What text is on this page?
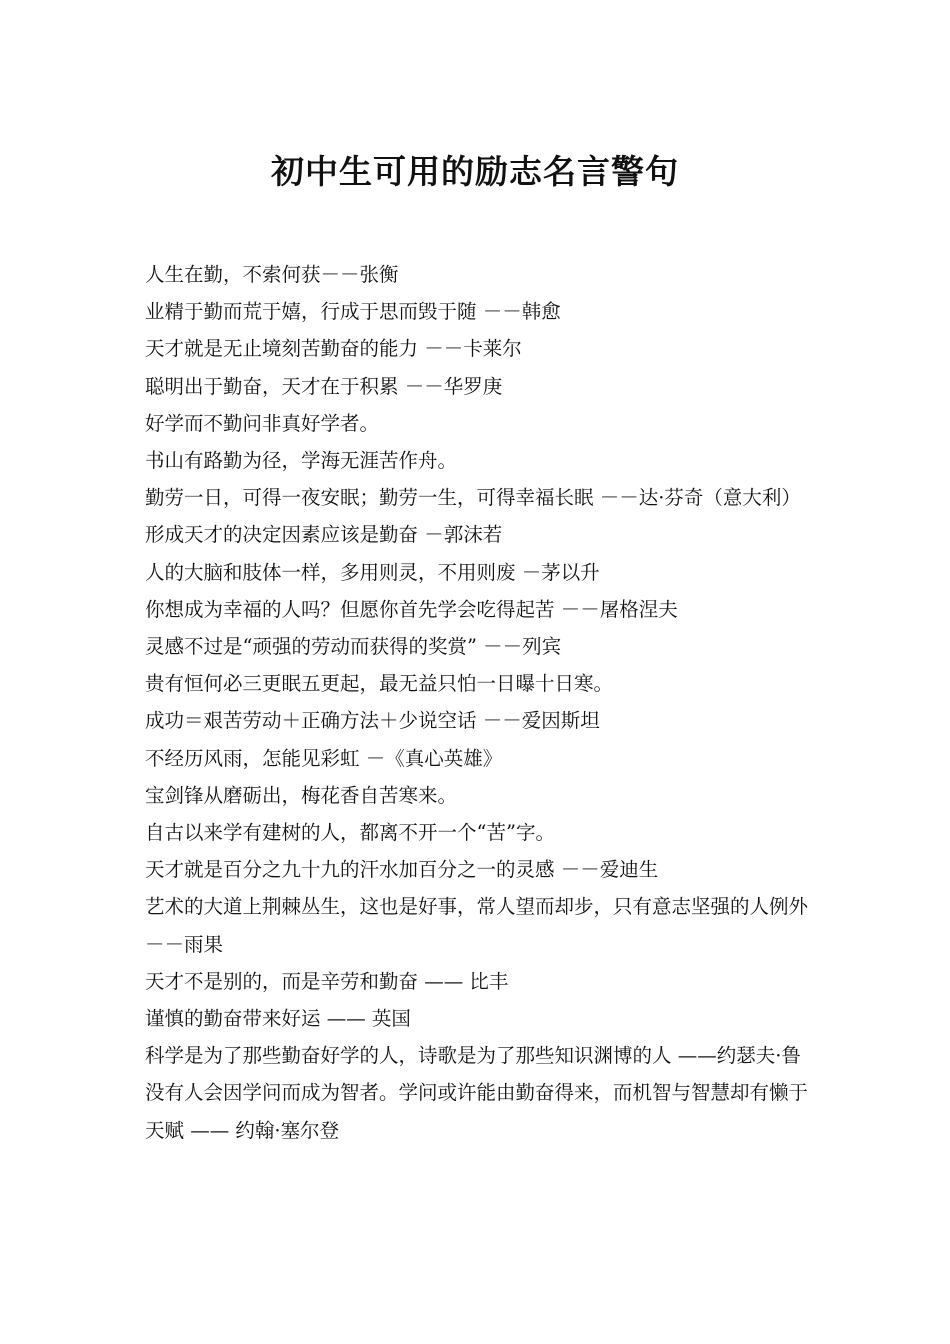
初中生可用的励志名言警句
人生在勤，不索何获－－张衡
业精于勤而荒于嬉，行成于思而毁于随 －－韩愈
天才就是无止境刻苦勤奋的能力 －－卡莱尔
聪明出于勤奋，天才在于积累 －－华罗庚
好学而不勤问非真好学者。
书山有路勤为径，学海无涯苦作舟。
勤劳一日，可得一夜安眠；勤劳一生，可得幸福长眠 －－达·芬奇（意大利）
形成天才的决定因素应该是勤奋 －郭沫若
人的大脑和肢体一样，多用则灵，不用则废 －茅以升
你想成为幸福的人吗？但愿你首先学会吃得起苦 －－屠格涅夫
灵感不过是“顽强的劳动而获得的奖赏” －－列宾
贵有恒何必三更眠五更起，最无益只怕一日曝十日寒。
成功＝艰苦劳动＋正确方法＋少说空话 －－爱因斯坦
不经历风雨，怎能见彩虹 －《真心英雄》
宝剑锋从磨砺出，梅花香自苦寒来。
自古以来学有建树的人，都离不开一个“苦”字。
天才就是百分之九十九的汗水加百分之一的灵感 －－爱迪生
艺术的大道上荆棘丛生，这也是好事，常人望而却步，只有意志坚强的人例外 －－雨果
天才不是别的，而是辛劳和勤奋 —— 比丰
谨慎的勤奋带来好运 —— 英国
科学是为了那些勤奋好学的人，诗歌是为了那些知识渊博的人 ——约瑟夫·鲁
没有人会因学问而成为智者。学问或许能由勤奋得来，而机智与智慧却有懒于天赋 —— 约翰·塞尔登
